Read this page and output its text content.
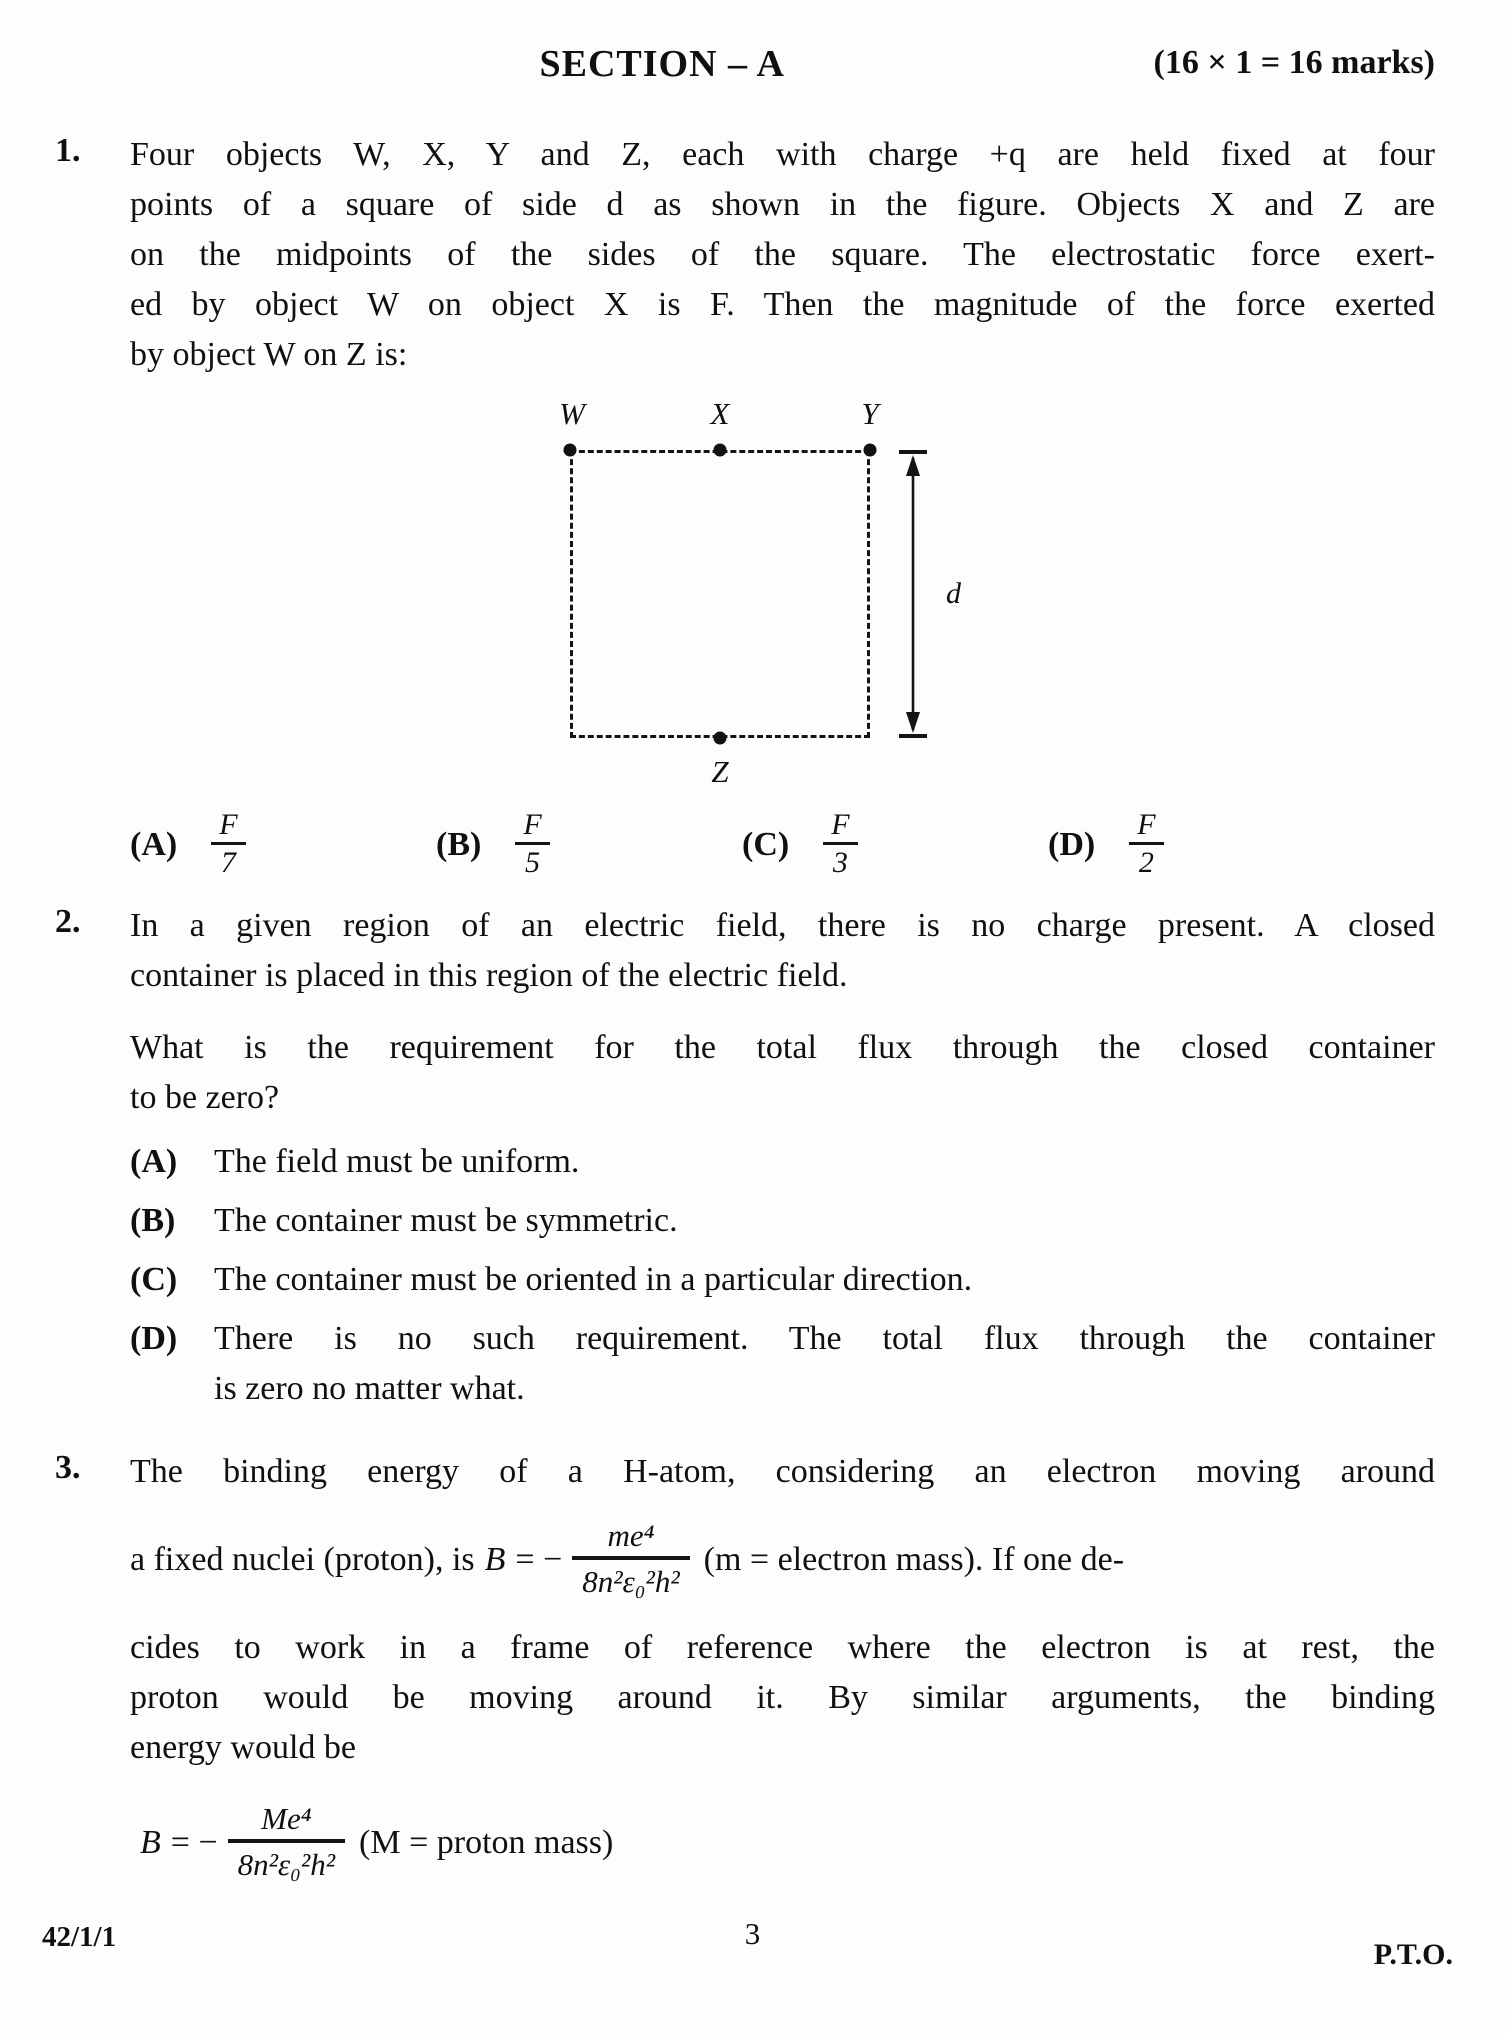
SECTION – A	(16 × 1 = 16 marks)
1.	Four objects W, X, Y and Z, each with charge +q are held fixed at four
points of a square of side d as shown in the figure. Objects X and Z are
on the midpoints of the sides of the square. The electrostatic force exert-
ed by object W on object X is F. Then the magnitude of the force exerted
by object W on Z is:
W	X	Y
Z
d
$(A) \frac{F}{7}$	$(B) \frac{F}{5}$	$(C) \frac{F}{3}$	$(D) \frac{F}{2}$
2.	In a given region of an electric field, there is no charge present. A closed
container is placed in this region of the electric field.
What is the requirement for the total flux through the closed container
to be zero?
(A)	The field must be uniform.
(B)	The container must be symmetric.
(C)	The container must be oriented in a particular direction.
(D)	There is no such requirement. The total flux through the container
is zero no matter what.
3.	The binding energy of a H-atom, considering an electron moving around
a fixed nuclei (proton), is B = − $\frac{\text{me⁴}}{\text{8n²ε₀²h²}} (m$ = electron mass). If one de-
cides to work in a frame of reference where the electron is at rest, the
proton would be moving around it. By similar arguments, the binding
energy would be
B = − $\frac{\text{Me⁴}}{\text{8n²ε₀²h²}} (M$ = proton mass)
42/1/1	3
P.T.O.
